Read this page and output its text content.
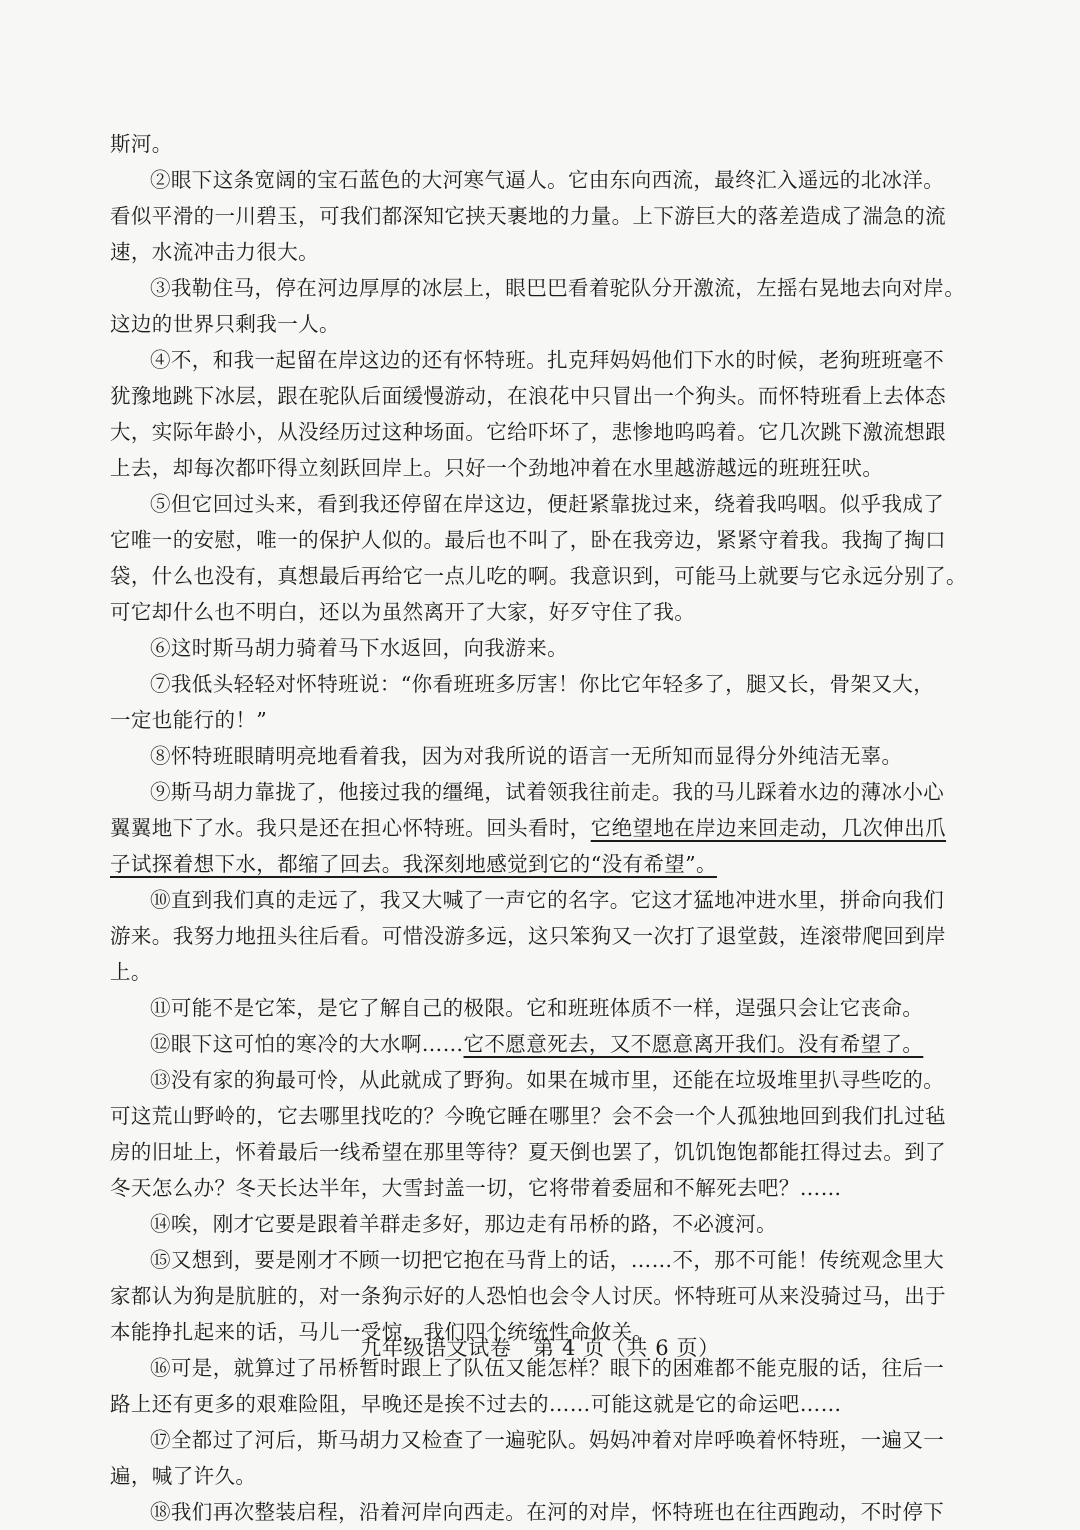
斯河。
②眼下这条宽阔的宝石蓝色的大河寒气逼人。它由东向西流，最终汇入遥远的北冰洋。
看似平滑的一川碧玉，可我们都深知它挟天裹地的力量。上下游巨大的落差造成了湍急的流
速，水流冲击力很大。
③我勒住马，停在河边厚厚的冰层上，眼巴巴看着驼队分开激流，左摇右晃地去向对岸。
这边的世界只剩我一人。
④不，和我一起留在岸这边的还有怀特班。扎克拜妈妈他们下水的时候，老狗班班毫不
犹豫地跳下冰层，跟在驼队后面缓慢游动，在浪花中只冒出一个狗头。而怀特班看上去体态
大，实际年龄小，从没经历过这种场面。它给吓坏了，悲惨地呜呜着。它几次跳下激流想跟
上去，却每次都吓得立刻跃回岸上。只好一个劲地冲着在水里越游越远的班班狂吠。
⑤但它回过头来，看到我还停留在岸这边，便赶紧靠拢过来，绕着我呜咽。似乎我成了
它唯一的安慰，唯一的保护人似的。最后也不叫了，卧在我旁边，紧紧守着我。我掏了掏口
袋，什么也没有，真想最后再给它一点儿吃的啊。我意识到，可能马上就要与它永远分别了。
可它却什么也不明白，还以为虽然离开了大家，好歹守住了我。
⑥这时斯马胡力骑着马下水返回，向我游来。
⑦我低头轻轻对怀特班说：“你看班班多厉害！你比它年轻多了，腿又长，骨架又大，
一定也能行的！”
⑧怀特班眼睛明亮地看着我，因为对我所说的语言一无所知而显得分外纯洁无辜。
⑨斯马胡力靠拢了，他接过我的缰绳，试着领我往前走。我的马儿踩着水边的薄冰小心
翼翼地下了水。我只是还在担心怀特班。回头看时，它绝望地在岸边来回走动，几次伸出爪
子试探着想下水，都缩了回去。我深刻地感觉到它的“没有希望”。
⑩直到我们真的走远了，我又大喊了一声它的名字。它这才猛地冲进水里，拼命向我们
游来。我努力地扭头往后看。可惜没游多远，这只笨狗又一次打了退堂鼓，连滚带爬回到岸
上。
⑪可能不是它笨，是它了解自己的极限。它和班班体质不一样，逞强只会让它丧命。
⑫眼下这可怕的寒冷的大水啊……它不愿意死去，又不愿意离开我们。没有希望了。
⑬没有家的狗最可怜，从此就成了野狗。如果在城市里，还能在垃圾堆里扒寻些吃的。
可这荒山野岭的，它去哪里找吃的？今晚它睡在哪里？会不会一个人孤独地回到我们扎过毡
房的旧址上，怀着最后一线希望在那里等待？夏天倒也罢了，饥饥饱饱都能扛得过去。到了
冬天怎么办？冬天长达半年，大雪封盖一切，它将带着委屈和不解死去吧？……
⑭唉，刚才它要是跟着羊群走多好，那边走有吊桥的路，不必渡河。
⑮又想到，要是刚才不顾一切把它抱在马背上的话，……不，那不可能！传统观念里大
家都认为狗是肮脏的，对一条狗示好的人恐怕也会令人讨厌。怀特班可从来没骑过马，出于
本能挣扎起来的话，马儿一受惊，我们四个统统性命攸关。
⑯可是，就算过了吊桥暂时跟上了队伍又能怎样？眼下的困难都不能克服的话，往后一
路上还有更多的艰难险阻，早晚还是挨不过去的……可能这就是它的命运吧……
⑰全都过了河后，斯马胡力又检查了一遍驼队。妈妈冲着对岸呼唤着怀特班，一遍又一
遍，喊了许久。
⑱我们再次整装启程，沿着河岸向西走。在河的对岸，怀特班也在往西跑动，不时停下
九年级语文试卷　第 4 页（共 6 页）
